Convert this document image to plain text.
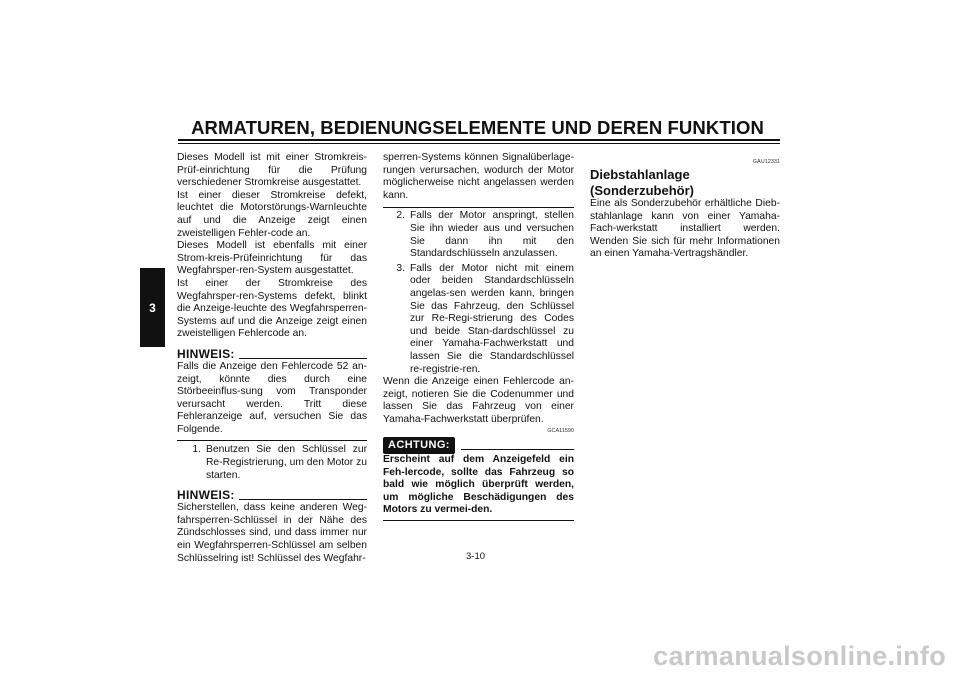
ARMATUREN, BEDIENUNGSELEMENTE UND DEREN FUNKTION
3

Dieses Modell ist mit einer Stromkreis-Prüf-einrichtung für die Prüfung verschiedener Stromkreise ausgestattet.

Ist einer dieser Stromkreise defekt, leuchtet die Motorstörungs-Warnleuchte auf und die Anzeige zeigt einen zweistelligen Fehler-code an.

Dieses Modell ist ebenfalls mit einer Strom-kreis-Prüfeinrichtung für das Wegfahrsper-ren-System ausgestattet.

Ist einer der Stromkreise des Wegfahrsper-ren-Systems defekt, blinkt die Anzeige-leuchte des Wegfahrsperren-Systems auf und die Anzeige zeigt einen zweistelligen Fehlercode an.

HINWEIS:

Falls die Anzeige den Fehlercode 52 an-zeigt, könnte dies durch eine Störbeeinflus-sung vom Transponder verursacht werden. Tritt diese Fehleranzeige auf, versuchen Sie das Folgende.

1. Benutzen Sie den Schlüssel zur Re-Registrierung, um den Motor zu starten.
HINWEIS:

Sicherstellen, dass keine anderen Weg-fahrsperren-Schlüssel in der Nähe des Zündschlosses sind, und dass immer nur ein Wegfahrsperren-Schlüssel am selben Schlüsselring ist! Schlüssel des Wegfahr-

sperren-Systems können Signalüberlage-rungen verursachen, wodurch der Motor möglicherweise nicht angelassen werden kann.

2. Falls der Motor anspringt, stellen Sie ihn wieder aus und versuchen Sie dann ihn mit den Standardschlüsseln anzulassen.
3. Falls der Motor nicht mit einem oder beiden Standardschlüsseln angelas-sen werden kann, bringen Sie das Fahrzeug, den Schlüssel zur Re-Regi-strierung des Codes und beide Stan-dardschlüssel zu einer Yamaha-Fachwerkstatt und lassen Sie die Standardschlüssel re-registrie-ren.

Wenn die Anzeige einen Fehlercode an-zeigt, notieren Sie die Codenummer und lassen Sie das Fahrzeug von einer Yamaha-Fachwerkstatt überprüfen.

GCA11590
ACHTUNG:

Erscheint auf dem Anzeigefeld ein Feh-lercode, sollte das Fahrzeug so bald wie möglich überprüft werden, um mögliche Beschädigungen des Motors zu vermei-den.

GAU12331
Diebstahlanlage
(Sonderzubehör)

Eine als Sonderzubehör erhältliche Dieb-stahlanlage kann von einer Yamaha-Fach-werkstatt installiert werden. Wenden Sie sich für mehr Informationen an einen Yamaha-Vertragshändler.

3-10
carmanualsonline.info
